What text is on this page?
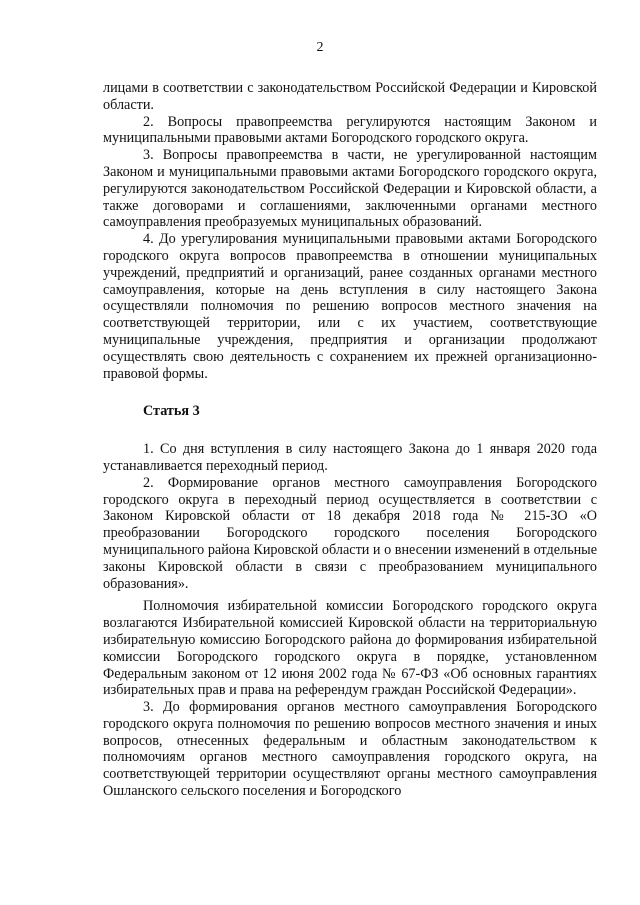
2

лицами в соответствии с законодательством Российской Федерации и Кировской области.

2. Вопросы правопреемства регулируются настоящим Законом и муниципальными правовыми актами Богородского городского округа.

3. Вопросы правопреемства в части, не урегулированной настоящим Законом и муниципальными правовыми актами Богородского городского округа, регулируются законодательством Российской Федерации и Кировской области, а также договорами и соглашениями, заключенными органами местного самоуправления преобразуемых муниципальных образований.

4. До урегулирования муниципальными правовыми актами Богородского городского округа вопросов правопреемства в отношении муниципальных учреждений, предприятий и организаций, ранее созданных органами местного самоуправления, которые на день вступления в силу настоящего Закона осуществляли полномочия по решению вопросов местного значения на соответствующей территории, или с их участием, соответствующие муниципальные учреждения, предприятия и организации продолжают осуществлять свою деятельность с сохранением их прежней организационно-правовой формы.

Статья 3

1. Со дня вступления в силу настоящего Закона до 1 января 2020 года устанавливается переходный период.

2. Формирование органов местного самоуправления Богородского городского округа в переходный период осуществляется в соответствии с Законом Кировской области от 18 декабря 2018 года № 215-ЗО «О преобразовании Богородского городского поселения Богородского муниципального района Кировской области и о внесении изменений в отдельные законы Кировской области в связи с преобразованием муниципального образования».

Полномочия избирательной комиссии Богородского городского округа возлагаются Избирательной комиссией Кировской области на территориальную избирательную комиссию Богородского района до формирования избирательной комиссии Богородского городского округа в порядке, установленном Федеральным законом от 12 июня 2002 года № 67-ФЗ «Об основных гарантиях избирательных прав и права на референдум граждан Российской Федерации».

3. До формирования органов местного самоуправления Богородского городского округа полномочия по решению вопросов местного значения и иных вопросов, отнесенных федеральным и областным законодательством к полномочиям органов местного самоуправления городского округа, на соответствующей территории осуществляют органы местного самоуправления Ошланского сельского поселения и Богородского
